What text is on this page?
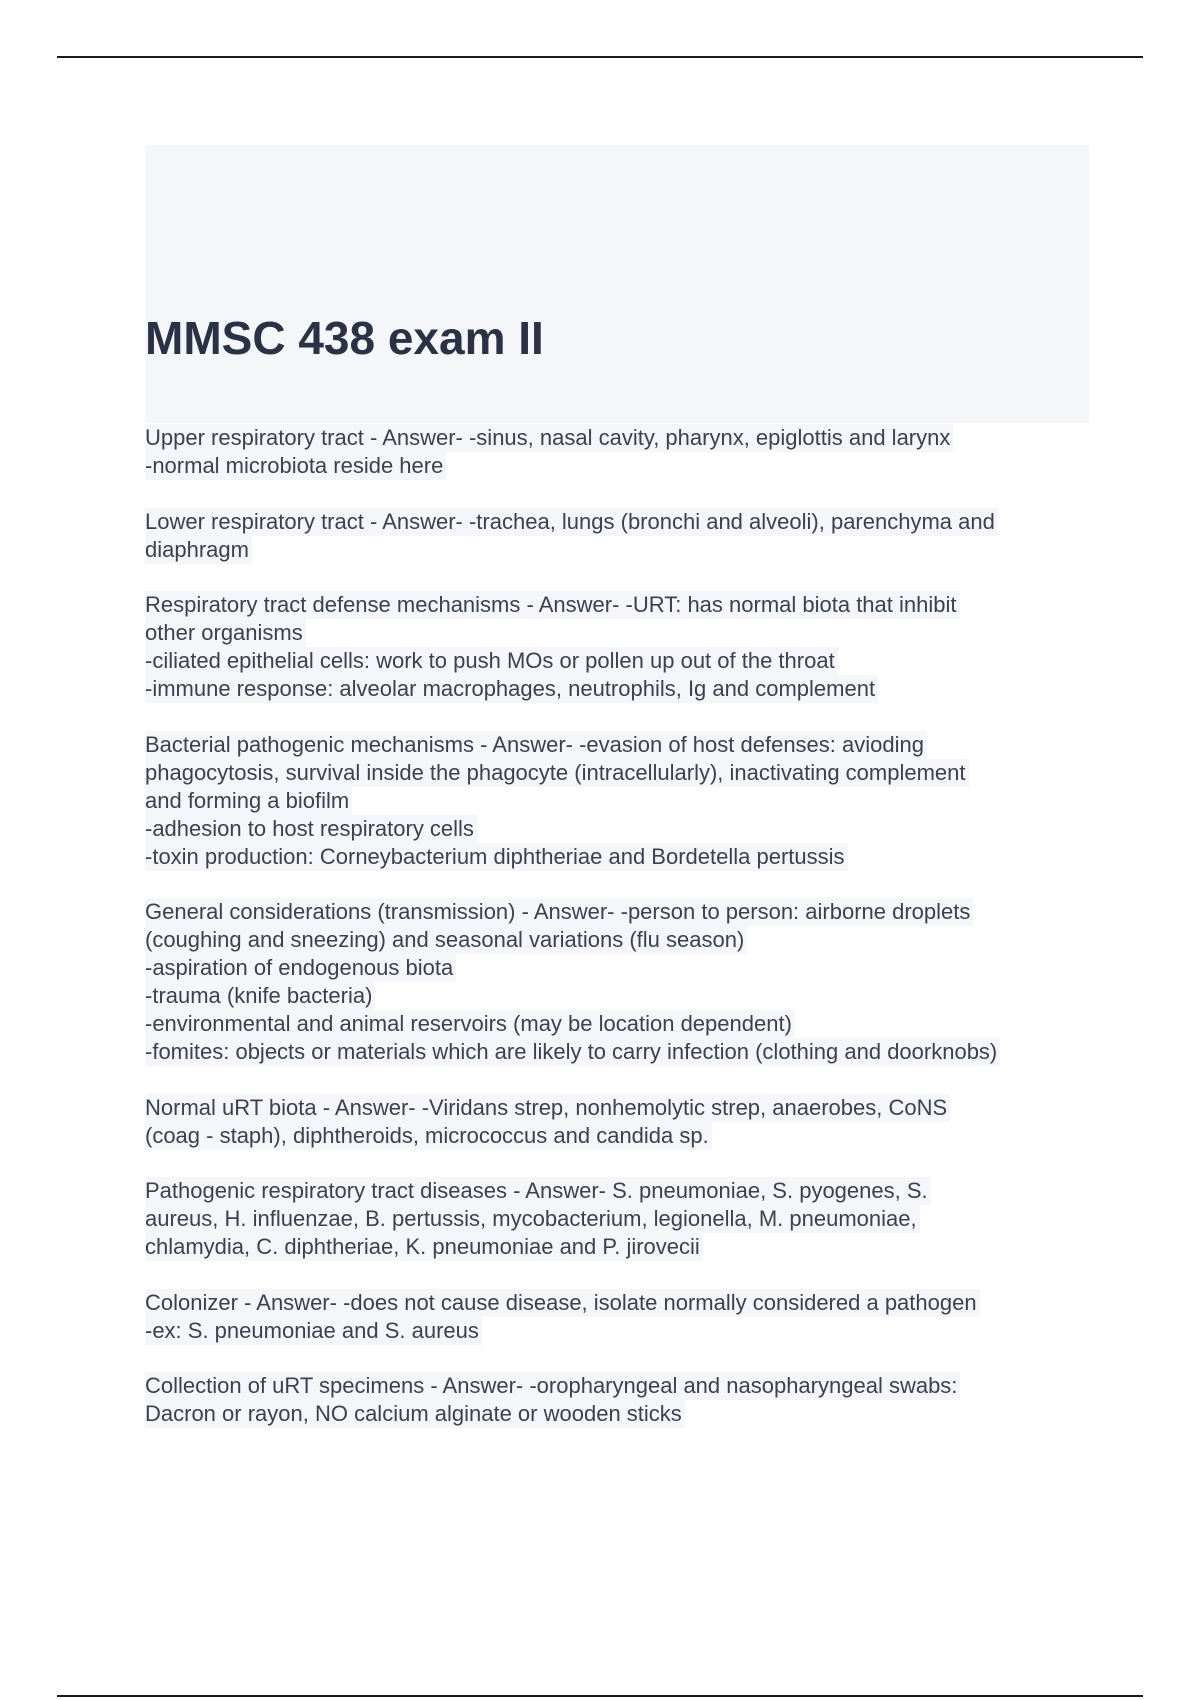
MMSC 438 exam II
Upper respiratory tract - Answer- -sinus, nasal cavity, pharynx, epiglottis and larynx
-normal microbiota reside here

Lower respiratory tract - Answer- -trachea, lungs (bronchi and alveoli), parenchyma and
diaphragm

Respiratory tract defense mechanisms - Answer- -URT: has normal biota that inhibit
other organisms
-ciliated epithelial cells: work to push MOs or pollen up out of the throat
-immune response: alveolar macrophages, neutrophils, Ig and complement

Bacterial pathogenic mechanisms - Answer- -evasion of host defenses: avioding
phagocytosis, survival inside the phagocyte (intracellularly), inactivating complement
and forming a biofilm
-adhesion to host respiratory cells
-toxin production: Corneybacterium diphtheriae and Bordetella pertussis

General considerations (transmission) - Answer- -person to person: airborne droplets
(coughing and sneezing) and seasonal variations (flu season)
-aspiration of endogenous biota
-trauma (knife bacteria)
-environmental and animal reservoirs (may be location dependent)
-fomites: objects or materials which are likely to carry infection (clothing and doorknobs)

Normal uRT biota - Answer- -Viridans strep, nonhemolytic strep, anaerobes, CoNS
(coag - staph), diphtheroids, micrococcus and candida sp.

Pathogenic respiratory tract diseases - Answer- S. pneumoniae, S. pyogenes, S.
aureus, H. influenzae, B. pertussis, mycobacterium, legionella, M. pneumoniae,
chlamydia, C. diphtheriae, K. pneumoniae and P. jirovecii

Colonizer - Answer- -does not cause disease, isolate normally considered a pathogen
-ex: S. pneumoniae and S. aureus

Collection of uRT specimens - Answer- -oropharyngeal and nasopharyngeal swabs:
Dacron or rayon, NO calcium alginate or wooden sticks
